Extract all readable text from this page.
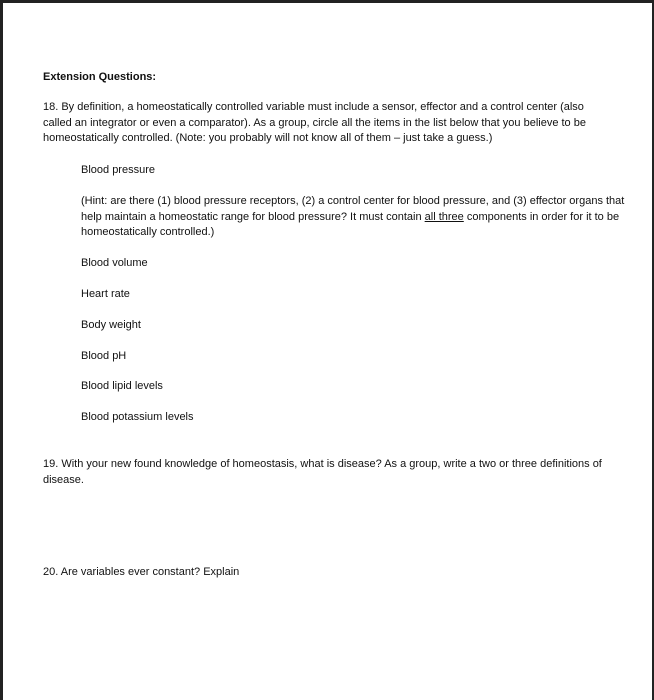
Extension Questions:

18. By definition, a homeostatically controlled variable must include a sensor, effector and a control center (also called an integrator or even a comparator). As a group, circle all the items in the list below that you believe to be homeostatically controlled. (Note: you probably will not know all of them – just take a guess.)

Blood pressure

(Hint: are there (1) blood pressure receptors, (2) a control center for blood pressure, and (3) effector organs that help maintain a homeostatic range for blood pressure? It must contain all three components in order for it to be homeostatically controlled.)

Blood volume
Heart rate
Body weight
Blood pH
Blood lipid levels
Blood potassium levels

19. With your new found knowledge of homeostasis, what is disease? As a group, write a two or three definitions of disease.

20. Are variables ever constant? Explain
